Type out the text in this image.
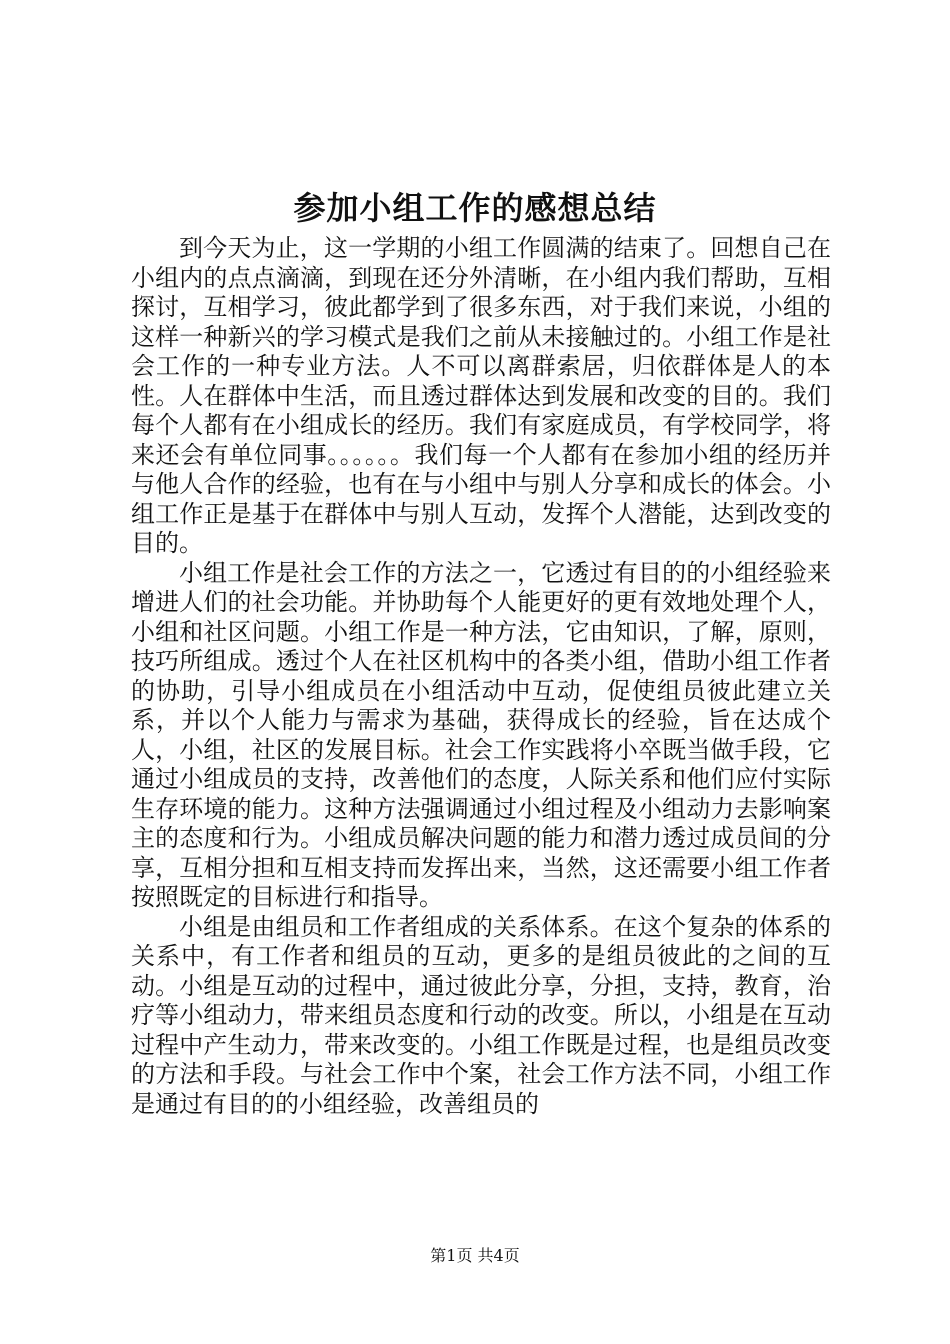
参加小组工作的感想总结

到今天为止，这一学期的小组工作圆满的结束了。回想自己在小组内的点点滴滴，到现在还分外清晰，在小组内我们帮助，互相探讨，互相学习，彼此都学到了很多东西，对于我们来说，小组的这样一种新兴的学习模式是我们之前从未接触过的。小组工作是社会工作的一种专业方法。人不可以离群索居，归依群体是人的本性。人在群体中生活，而且透过群体达到发展和改变的目的。我们每个人都有在小组成长的经历。我们有家庭成员，有学校同学，将来还会有单位同事。。。。。。我们每一个人都有在参加小组的经历并与他人合作的经验，也有在与小组中与别人分享和成长的体会。小组工作正是基于在群体中与别人互动，发挥个人潜能，达到改变的目的。

小组工作是社会工作的方法之一，它透过有目的的小组经验来增进人们的社会功能。并协助每个人能更好的更有效地处理个人，小组和社区问题。小组工作是一种方法，它由知识，了解，原则，技巧所组成。透过个人在社区机构中的各类小组，借助小组工作者的协助，引导小组成员在小组活动中互动，促使组员彼此建立关系，并以个人能力与需求为基础，获得成长的经验，旨在达成个人，小组，社区的发展目标。社会工作实践将小卒既当做手段，它通过小组成员的支持，改善他们的态度，人际关系和他们应付实际生存环境的能力。这种方法强调通过小组过程及小组动力去影响案主的态度和行为。小组成员解决问题的能力和潜力透过成员间的分享，互相分担和互相支持而发挥出来，当然，这还需要小组工作者按照既定的目标进行和指导。

小组是由组员和工作者组成的关系体系。在这个复杂的体系的关系中，有工作者和组员的互动，更多的是组员彼此的之间的互动。小组是互动的过程中，通过彼此分享，分担，支持，教育，治疗等小组动力，带来组员态度和行动的改变。所以，小组是在互动过程中产生动力，带来改变的。小组工作既是过程，也是组员改变的方法和手段。与社会工作中个案，社会工作方法不同，小组工作是通过有目的的小组经验，改善组员的

第1页 共4页
